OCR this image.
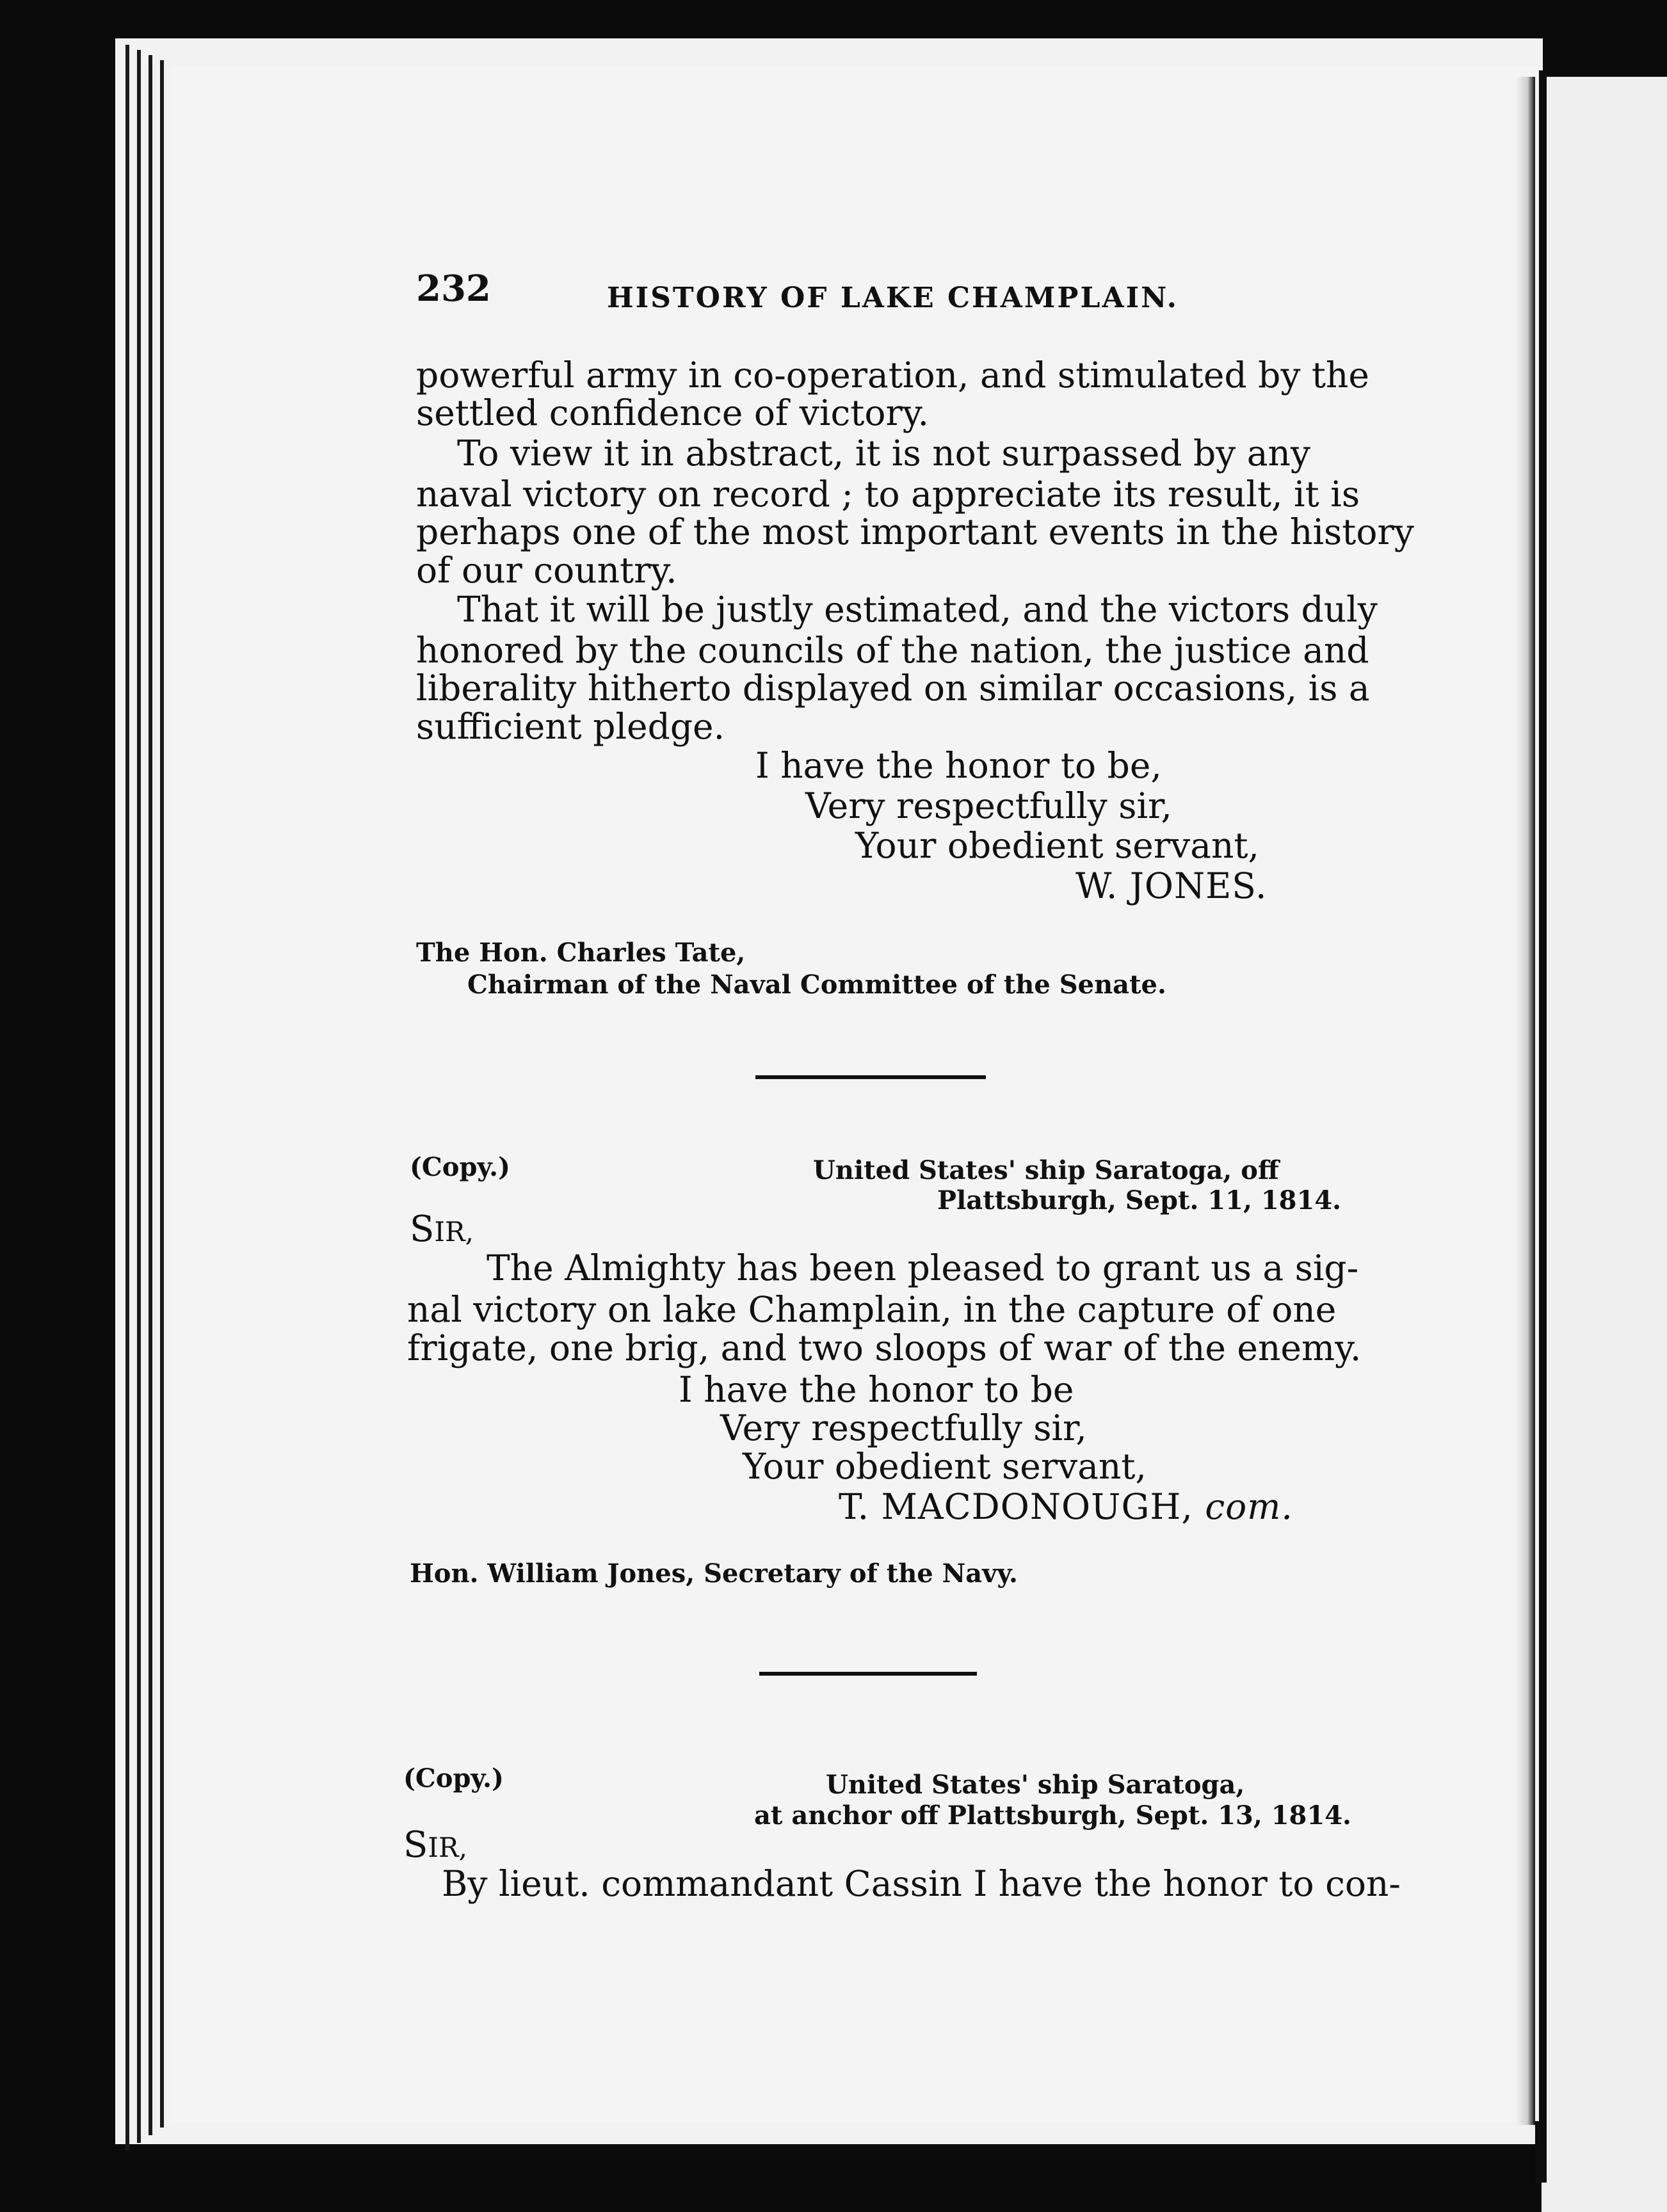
232	HISTORY OF LAKE CHAMPLAIN.
powerful army in co-operation, and stimulated by the
settled confidence of victory.
To view it in abstract, it is not surpassed by any
naval victory on record ; to appreciate its result, it is
perhaps one of the most important events in the history
of our country.
That it will be justly estimated, and the victors duly
honored by the councils of the nation, the justice and
liberality hitherto displayed on similar occasions, is a
sufficient pledge.
I have the honor to be,
Very respectfully sir,
Your obedient servant,
W. JONES.
The Hon. Charles Tate,
Chairman of the Naval Committee of the Senate.
(Copy.)	United States' ship Saratoga, off
Plattsburgh, Sept. 11, 1814.
SIR,
The Almighty has been pleased to grant us a sig-
nal victory on lake Champlain, in the capture of one
frigate, one brig, and two sloops of war of the enemy.
I have the honor to be
Very respectfully sir,
Your obedient servant,
T. MACDONOUGH, com.
Hon. William Jones, Secretary of the Navy.
(Copy.)	United States' ship Saratoga,
at anchor off Plattsburgh, Sept. 13, 1814.
SIR,
By lieut. commandant Cassin I have the honor to con-
